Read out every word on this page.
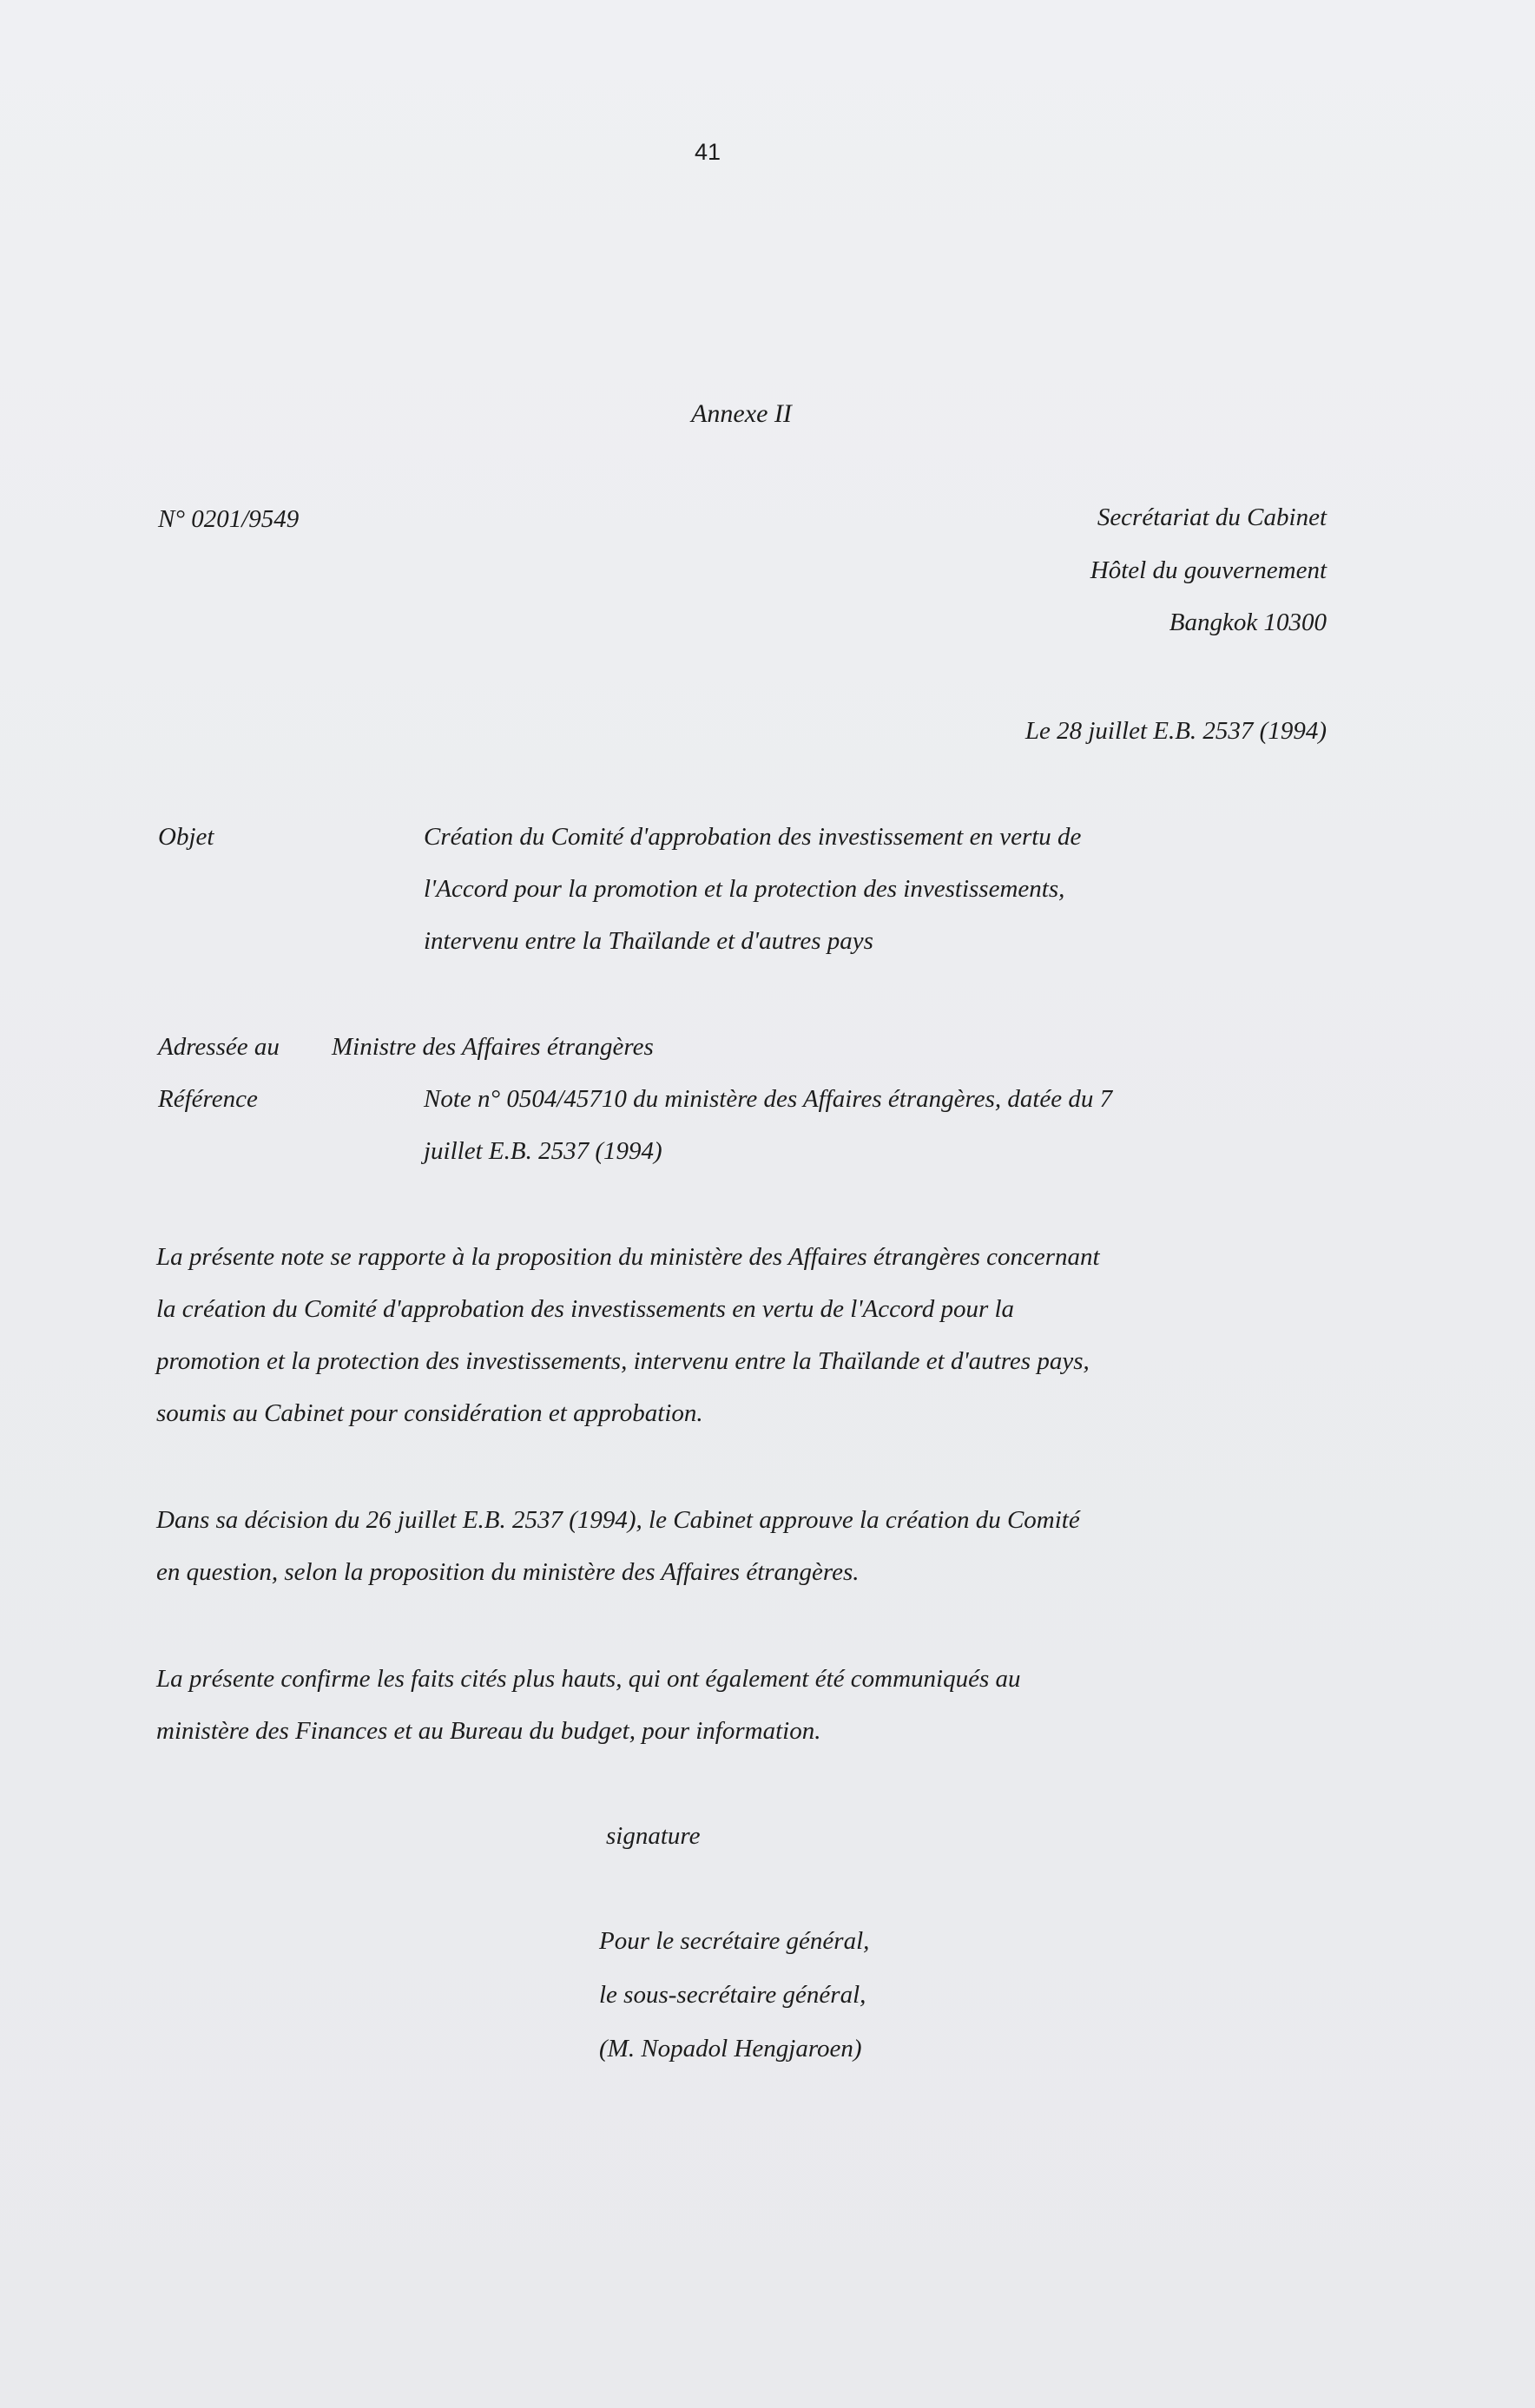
41
Annexe II
N° 0201/9549	Secrétariat du Cabinet
Hôtel du gouvernement
Bangkok 10300
Le 28 juillet E.B. 2537 (1994)
Objet	Création du Comité d'approbation des investissement en vertu de
l'Accord pour la promotion et la protection des investissements,
intervenu entre la Thaïlande et d'autres pays
Adressée au Ministre des Affaires étrangères
Référence	Note n° 0504/45710 du ministère des Affaires étrangères, datée du 7
juillet E.B. 2537 (1994)
La présente note se rapporte à la proposition du ministère des Affaires étrangères concernant
la création du Comité d'approbation des investissements en vertu de l'Accord pour la
promotion et la protection des investissements, intervenu entre la Thaïlande et d'autres pays,
soumis au Cabinet pour considération et approbation.
Dans sa décision du 26 juillet E.B. 2537 (1994), le Cabinet approuve la création du Comité
en question, selon la proposition du ministère des Affaires étrangères.
La présente confirme les faits cités plus hauts, qui ont également été communiqués au
ministère des Finances et au Bureau du budget, pour information.
signature
Pour le secrétaire général,
le sous-secrétaire général,
(M. Nopadol Hengjaroen)
